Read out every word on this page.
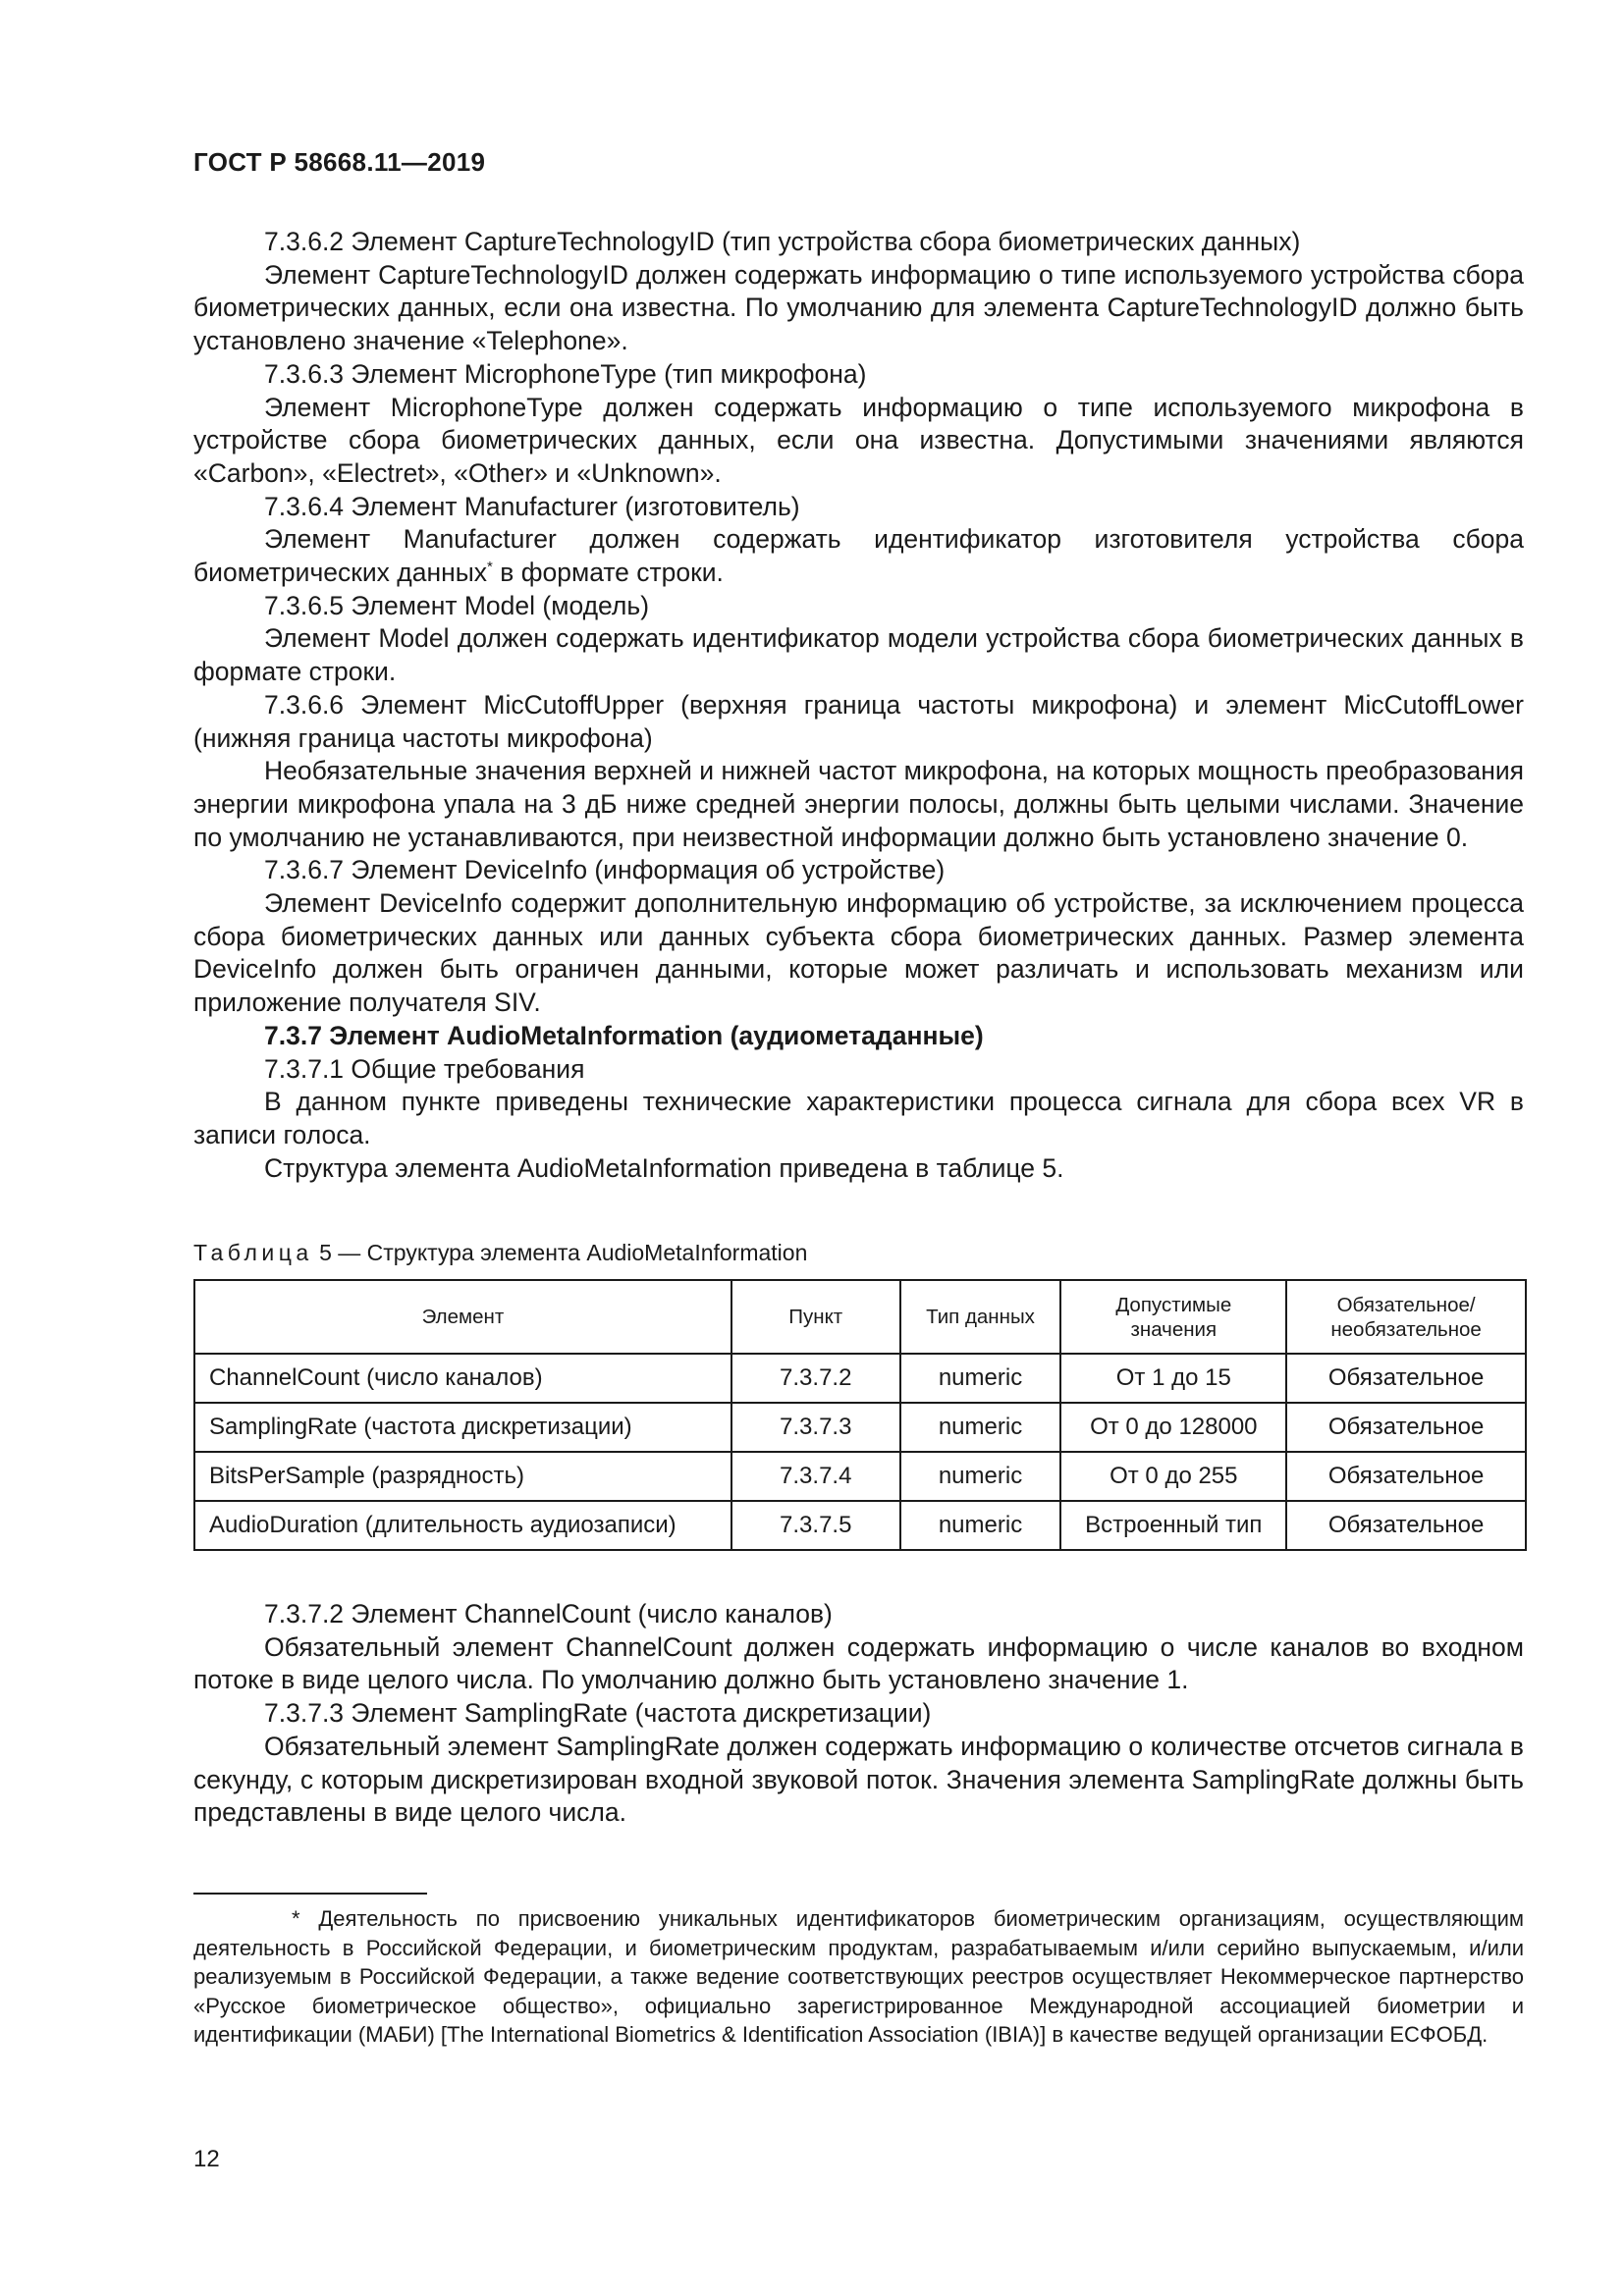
ГОСТ Р 58668.11—2019

7.3.6.2 Элемент CaptureTechnologyID (тип устройства сбора биометрических данных)

Элемент CaptureTechnologyID должен содержать информацию о типе используемого устройства сбора биометрических данных, если она известна. По умолчанию для элемента CaptureTechnologyID должно быть установлено значение «Telephone».

7.3.6.3 Элемент MicrophoneType (тип микрофона)

Элемент MicrophoneType должен содержать информацию о типе используемого микрофона в устройстве сбора биометрических данных, если она известна. Допустимыми значениями являются «Carbon», «Electret», «Other» и «Unknown».

7.3.6.4 Элемент Manufacturer (изготовитель)

Элемент Manufacturer должен содержать идентификатор изготовителя устройства сбора биометрических данных* в формате строки.

7.3.6.5 Элемент Model (модель)

Элемент Model должен содержать идентификатор модели устройства сбора биометрических данных в формате строки.

7.3.6.6 Элемент MicCutoffUpper (верхняя граница частоты микрофона) и элемент MicCutoffLower (нижняя граница частоты микрофона)

Необязательные значения верхней и нижней частот микрофона, на которых мощность преобразования энергии микрофона упала на 3 дБ ниже средней энергии полосы, должны быть целыми числами. Значение по умолчанию не устанавливаются, при неизвестной информации должно быть установлено значение 0.

7.3.6.7 Элемент DeviceInfo (информация об устройстве)

Элемент DeviceInfo содержит дополнительную информацию об устройстве, за исключением процесса сбора биометрических данных или данных субъекта сбора биометрических данных. Размер элемента DeviceInfo должен быть ограничен данными, которые может различать и использовать механизм или приложение получателя SIV.

7.3.7 Элемент AudioMetaInformation (аудиометаданные)

7.3.7.1 Общие требования

В данном пункте приведены технические характеристики процесса сигнала для сбора всех VR в записи голоса.

Структура элемента AudioMetaInformation приведена в таблице 5.

Таблица 5 — Структура элемента AudioMetaInformation
Элемент	Пункт	Тип данных	Допустимые значения	Обязательное/ необязательное
ChannelCount (число каналов)	7.3.7.2	numeric	От 1 до 15	Обязательное
SamplingRate (частота дискретизации)	7.3.7.3	numeric	От 0 до 128000	Обязательное
BitsPerSample (разрядность)	7.3.7.4	numeric	От 0 до 255	Обязательное
AudioDuration (длительность аудиозаписи)	7.3.7.5	numeric	Встроенный тип	Обязательное

7.3.7.2 Элемент ChannelCount (число каналов)

Обязательный элемент ChannelCount должен содержать информацию о числе каналов во входном потоке в виде целого числа. По умолчанию должно быть установлено значение 1.

7.3.7.3 Элемент SamplingRate (частота дискретизации)

Обязательный элемент SamplingRate должен содержать информацию о количестве отсчетов сигнала в секунду, с которым дискретизирован входной звуковой поток. Значения элемента SamplingRate должны быть представлены в виде целого числа.

* Деятельность по присвоению уникальных идентификаторов биометрическим организациям, осуществляющим деятельность в Российской Федерации, и биометрическим продуктам, разрабатываемым и/или серийно выпускаемым, и/или реализуемым в Российской Федерации, а также ведение соответствующих реестров осуществляет Некоммерческое партнерство «Русское биометрическое общество», официально зарегистрированное Международной ассоциацией биометрии и идентификации (МАБИ) [The International Biometrics & Identification Association (IBIA)] в качестве ведущей организации ЕСФОБД.

12
